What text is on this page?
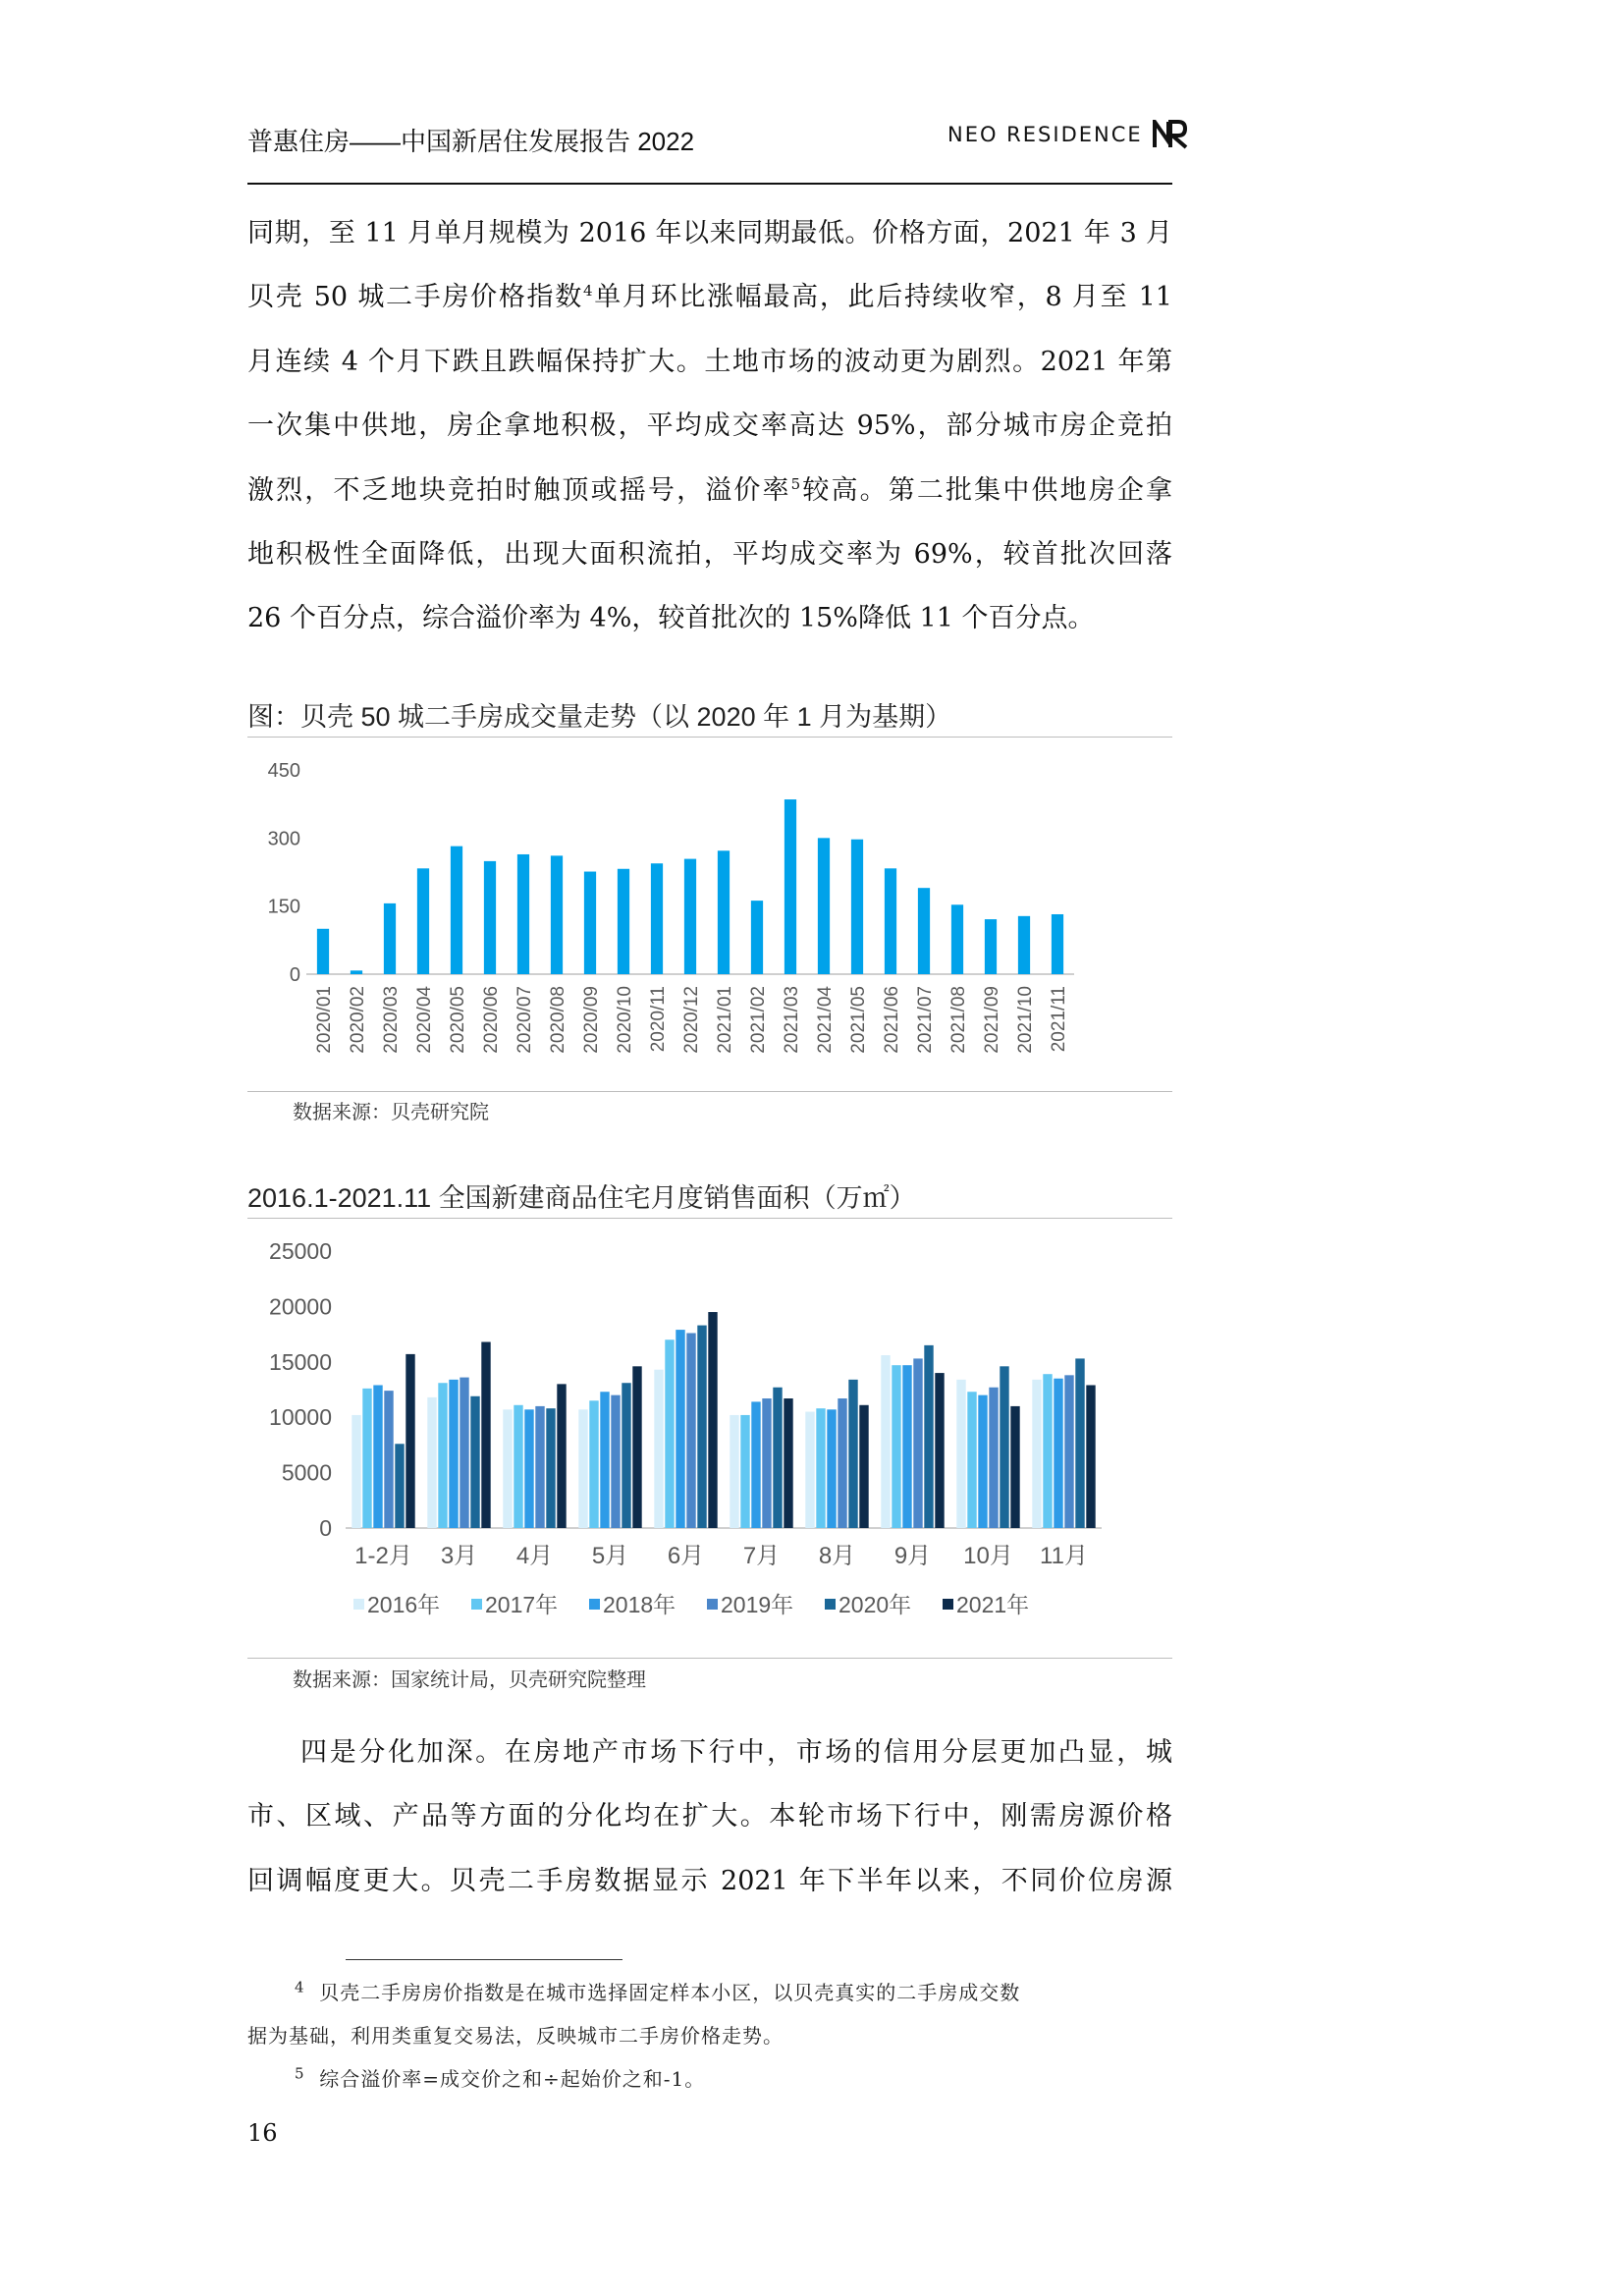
普惠住房——中国新居住发展报告 2022	NEO RESIDENCE
同期，至 11 月单月规模为 2016 年以来同期最低。价格方面，2021 年 3 月
贝壳 50 城二手房价格指数$^4$单月环比涨幅最高，此后持续收窄，8 月至 11
月连续 4 个月下跌且跌幅保持扩大。土地市场的波动更为剧烈。2021 年第
一次集中供地，房企拿地积极，平均成交率高达 95%，部分城市房企竞拍
激烈，不乏地块竞拍时触顶或摇号，溢价率$^5$较高。第二批集中供地房企拿
地积极性全面降低，出现大面积流拍，平均成交率为 69%，较首批次回落
26 个百分点，综合溢价率为 4%，较首批次的 15%降低 11 个百分点。
图：贝壳 50 城二手房成交量走势（以 2020 年 1 月为基期）
0
150
300
450
2020/01 2020/02 2020/03 2020/04 2020/05 2020/06 2020/07 2020/08 2020/09 2020/10 2020/11 2020/12 2021/01 2021/02 2021/03 2021/04 2021/05 2021/06 2021/07 2021/08 2021/09 2021/10 2021/11
数据来源：贝壳研究院
2016.1-2021.11 全国新建商品住宅月度销售面积（万㎡）
0
5000
10000
15000
20000
25000
1-2月 3月 4月 5月 6月 7月 8月 9月 10月 11月
2016年 2017年 2018年 2019年 2020年 2021年
数据来源：国家统计局，贝壳研究院整理
四是分化加深。在房地产市场下行中，市场的信用分层更加凸显，城
市、区域、产品等方面的分化均在扩大。本轮市场下行中，刚需房源价格
回调幅度更大。贝壳二手房数据显示 2021 年下半年以来，不同价位房源
$^4$ 贝壳二手房房价指数是在城市选择固定样本小区，以贝壳真实的二手房成交数
据为基础，利用类重复交易法，反映城市二手房价格走势。
$^5$ 综合溢价率=成交价之和÷起始价之和-1。
16
